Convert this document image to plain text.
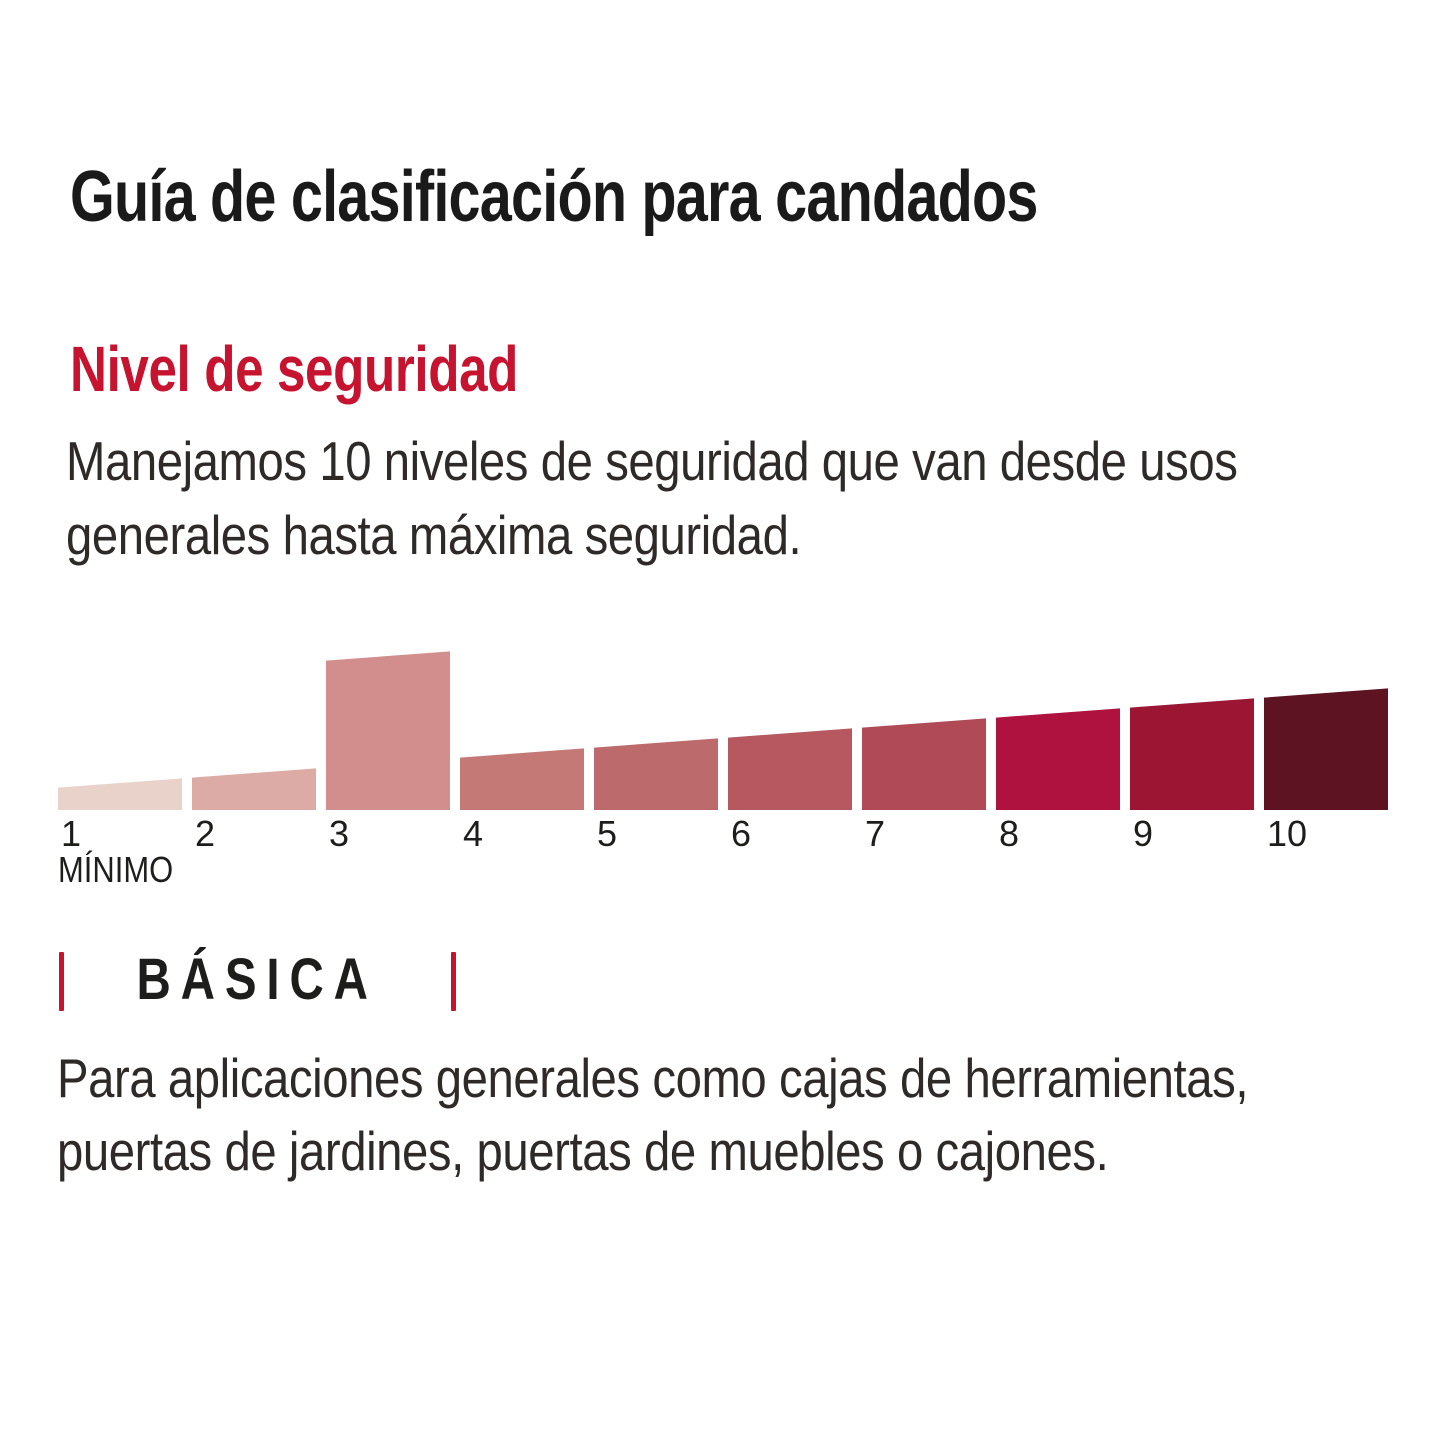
Guía de clasificación para candados
Nivel de seguridad
Manejamos 10 niveles de seguridad que van desde usos
generales hasta máxima seguridad.
1	2	3	4	5	6	7	8	9	10
MÍNIMO
BÁSICA
Para aplicaciones generales como cajas de herramientas,
puertas de jardines, puertas de muebles o cajones.
